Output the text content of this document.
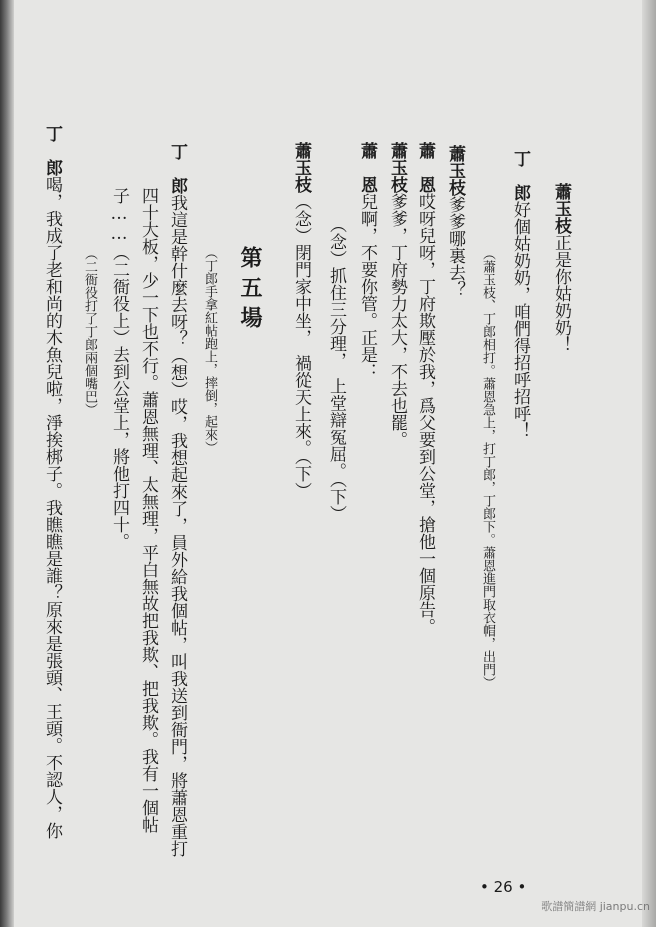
蕭玉枝正是你姑奶奶！
丁　郎好個姑奶奶，咱們得招呼招呼！
（蕭玉枝、丁郎相打。蕭恩急上，打丁郎，丁郎下。蕭恩進門取衣帽，出門）
蕭玉枝爹爹哪裏去？
蕭　恩哎呀兒呀，丁府欺壓於我，爲父要到公堂，搶他一個原告。
蕭玉枝爹爹，丁府勢力太大，不去也罷。
蕭　恩兒啊，不要你管。正是：
（念）抓住三分理，　上堂辯冤屈。（下）
蕭玉枝（念）閉門家中坐，　禍從天上來。（下）
第五場
（丁郎手拿紅帖跑上，摔倒，起來）
丁　郎我這是幹什麼去呀？（想）哎，我想起來了，員外給我個帖，叫我送到衙門，將蕭恩重打
四十大板，少一下也不行。蕭恩無理、太無理，平白無故把我欺、把我欺。我有一個帖
子……（二衙役上）去到公堂上，將他打四十。
（二衙役打了丁郎兩個嘴巴）
丁　郎喝，我成了老和尚的木魚兒啦，淨挨梆子。我瞧瞧是誰？原來是張頭、王頭。不認人，你
• 26 •
歌譜簡譜網 jianpu.cn
